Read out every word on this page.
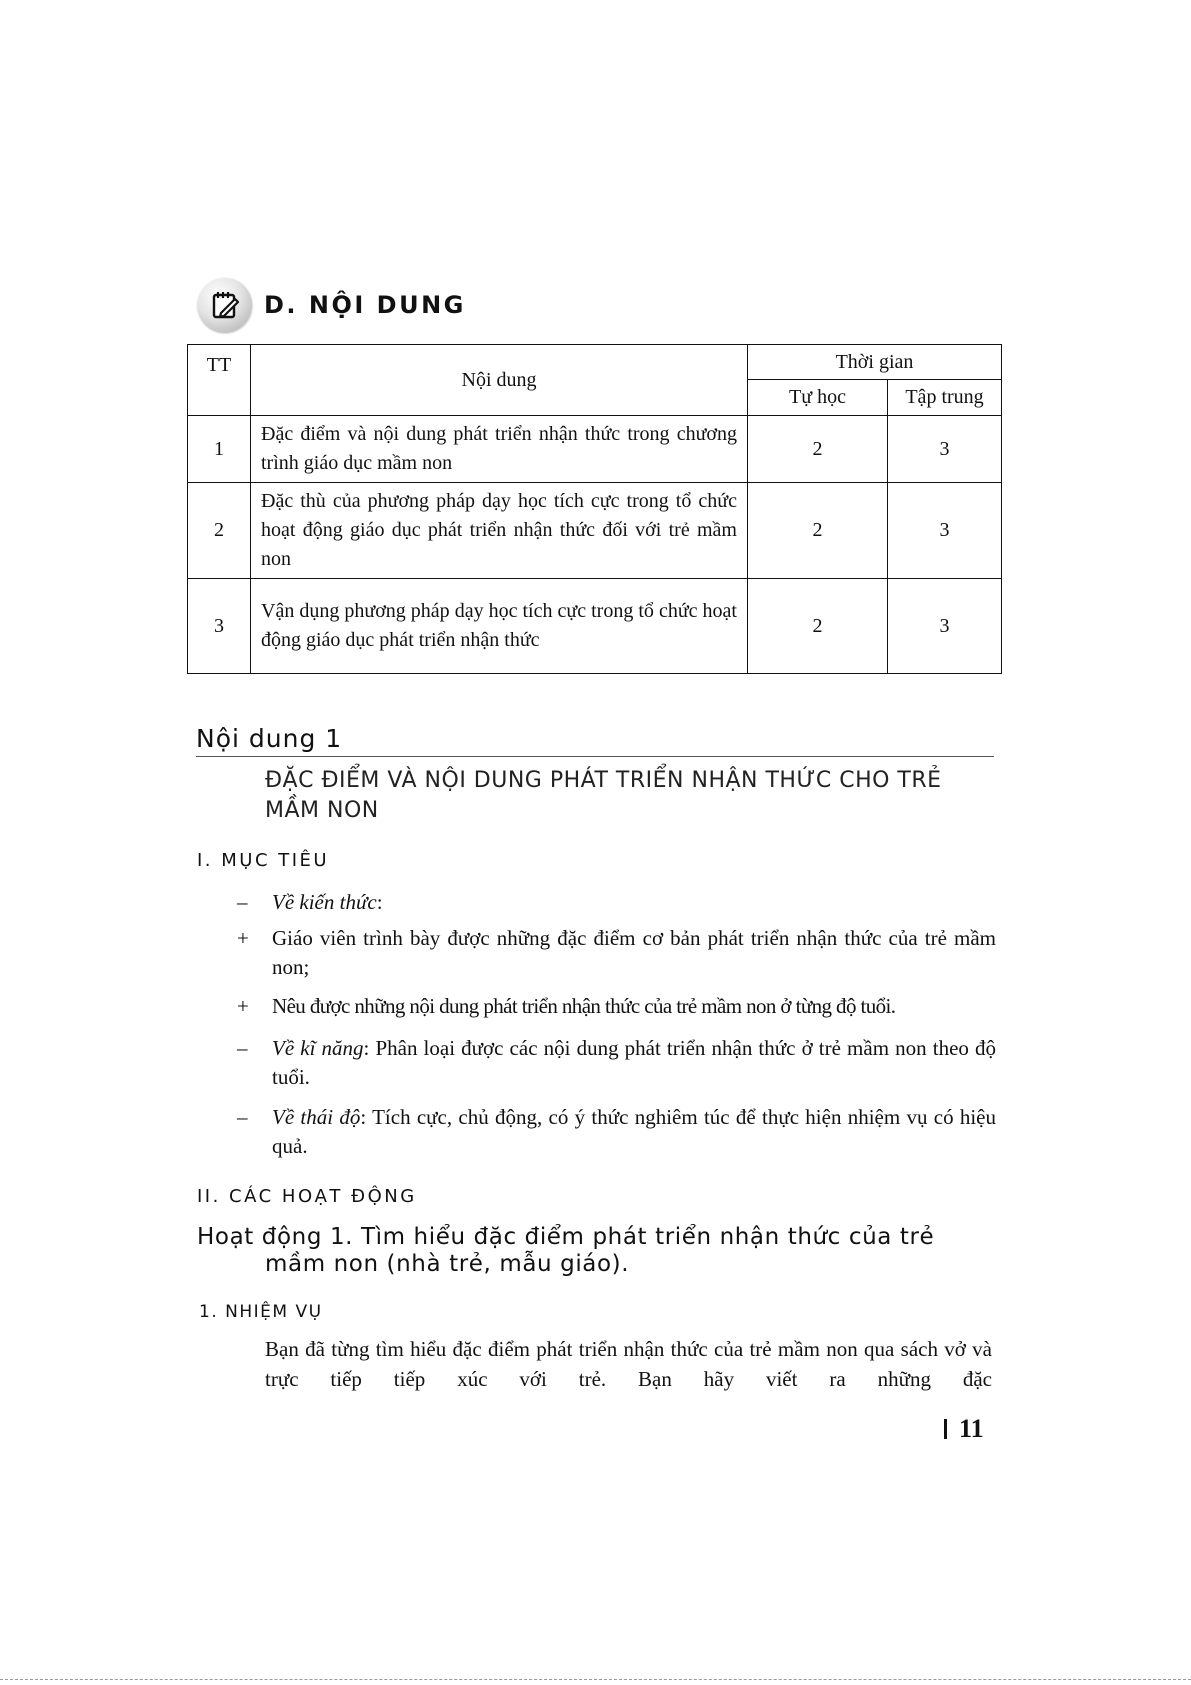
D. NỘI DUNG
TT	Nội dung	Thời gian	
		Tự học	Tập trung
1	Đặc điểm và nội dung phát triển nhận thức trong chương trình giáo dục mầm non	2	3
2	Đặc thù của phương pháp dạy học tích cực trong tổ chức hoạt động giáo dục phát triển nhận thức đối với trẻ mầm non	2	3
3	Vận dụng phương pháp dạy học tích cực trong tổ chức hoạt động giáo dục phát triển nhận thức	2	3
Nội dung 1
ĐẶC ĐIỂM VÀ NỘI DUNG PHÁT TRIỂN NHẬN THỨC CHO TRẺ MẦM NON
I. MỤC TIÊU
–	Về kiến thức:
+	Giáo viên trình bày được những đặc điểm cơ bản phát triển nhận thức của trẻ mầm non;
+	Nêu được những nội dung phát triển nhận thức của trẻ mầm non ở từng độ tuổi.
–	Về kĩ năng: Phân loại được các nội dung phát triển nhận thức ở trẻ mầm non theo độ tuổi.
–	Về thái độ: Tích cực, chủ động, có ý thức nghiêm túc để thực hiện nhiệm vụ có hiệu quả.
II. CÁC HOẠT ĐỘNG
Hoạt động 1. Tìm hiểu đặc điểm phát triển nhận thức của trẻ
mầm non (nhà trẻ, mẫu giáo).
1. NHIỆM VỤ
Bạn đã từng tìm hiểu đặc điểm phát triển nhận thức của trẻ mầm non qua sách vở và trực tiếp tiếp xúc với trẻ. Bạn hãy viết ra những đặc
11
